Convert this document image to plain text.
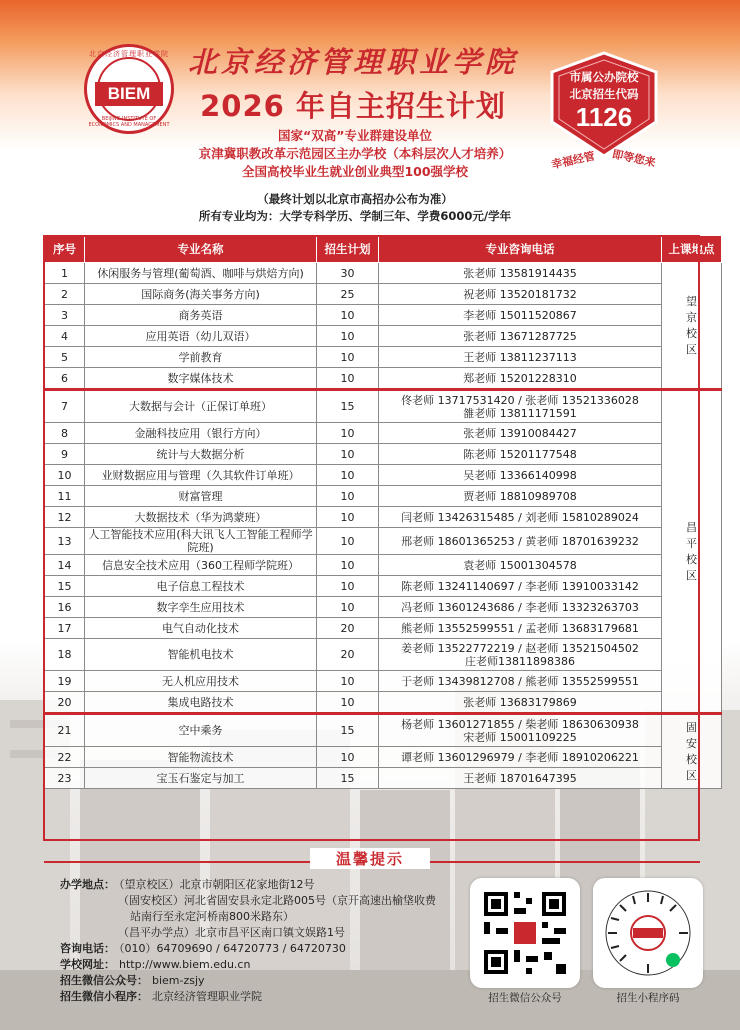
北京经济管理职业学院
BIEM
BEIJING INSTITUTE OF ECONOMICS AND MANAGEMENT
北京经济管理职业学院
2026 年自主招生计划
国家“双高”专业群建设单位
京津冀职教改革示范园区主办学校（本科层次人才培养）
全国高校毕业生就业创业典型100强学校
（最终计划以北京市高招办公布为准）
所有专业均为：大学专科学历、学制三年、学费6000元/学年
市属公办院校
北京招生代码
1126
幸福经管 即等您来
序号	专业名称	招生计划	专业咨询电话	上课地点
1	休闲服务与管理(葡萄酒、咖啡与烘焙方向)	30	张老师 13581914435	望京校区
2	国际商务(海关事务方向)	25	祝老师 13520181732	

3	商务英语	10	李老师 15011520867	

4	应用英语（幼儿双语）	10	张老师 13671287725	

5	学前教育	10	王老师 13811237113	

6	数字媒体技术	10	郑老师 15201228310	

7	大数据与会计（正保订单班）	15	佟老师 13717531420 / 张老师 13521336028
雒老师 13811171591	昌平校区
8	金融科技应用（银行方向）	10	张老师 13910084427	

9	统计与大数据分析	10	陈老师 15201177548	

10	业财数据应用与管理（久其软件订单班）	10	吴老师 13366140998	

11	财富管理	10	贾老师 18810989708	

12	大数据技术（华为鸿蒙班）	10	闫老师 13426315485 / 刘老师 15810289024	

13	人工智能技术应用(科大讯飞人工智能工程师学院班)	10	邢老师 18601365253 / 黄老师 18701639232	

14	信息安全技术应用（360工程师学院班）	10	袁老师 15001304578	

15	电子信息工程技术	10	陈老师 13241140697 / 李老师 13910033142	

16	数字孪生应用技术	10	冯老师 13601243686 / 李老师 13323263703	

17	电气自动化技术	20	熊老师 13552599551 / 孟老师 13683179681	

18	智能机电技术	20	姜老师 13522772219 / 赵老师 13521504502
庄老师13811898386	

19	无人机应用技术	10	于老师 13439812708 / 熊老师 13552599551	

20	集成电路技术	10	张老师 13683179869	

21	空中乘务	15	杨老师 13601271855 / 柴老师 18630630938
宋老师 15001109225	固安校区
22	智能物流技术	10	谭老师 13601296979 / 李老师 18910206221	

23	宝玉石鉴定与加工	15	王老师 18701647395	
温馨提示
办学地点： （望京校区）北京市朝阳区花家地街12号
（固安校区）河北省固安县永定北路005号（京开高速出榆垡收费
站南行至永定河桥南800米路东）
（昌平办学点）北京市昌平区南口镇文娱路1号
咨询电话： （010）64709690 / 64720773 / 64720730
学校网址： http://www.biem.edu.cn
招生微信公众号： biem-zsjy
招生微信小程序： 北京经济管理职业学院	招生微信公众号	招生小程序码
